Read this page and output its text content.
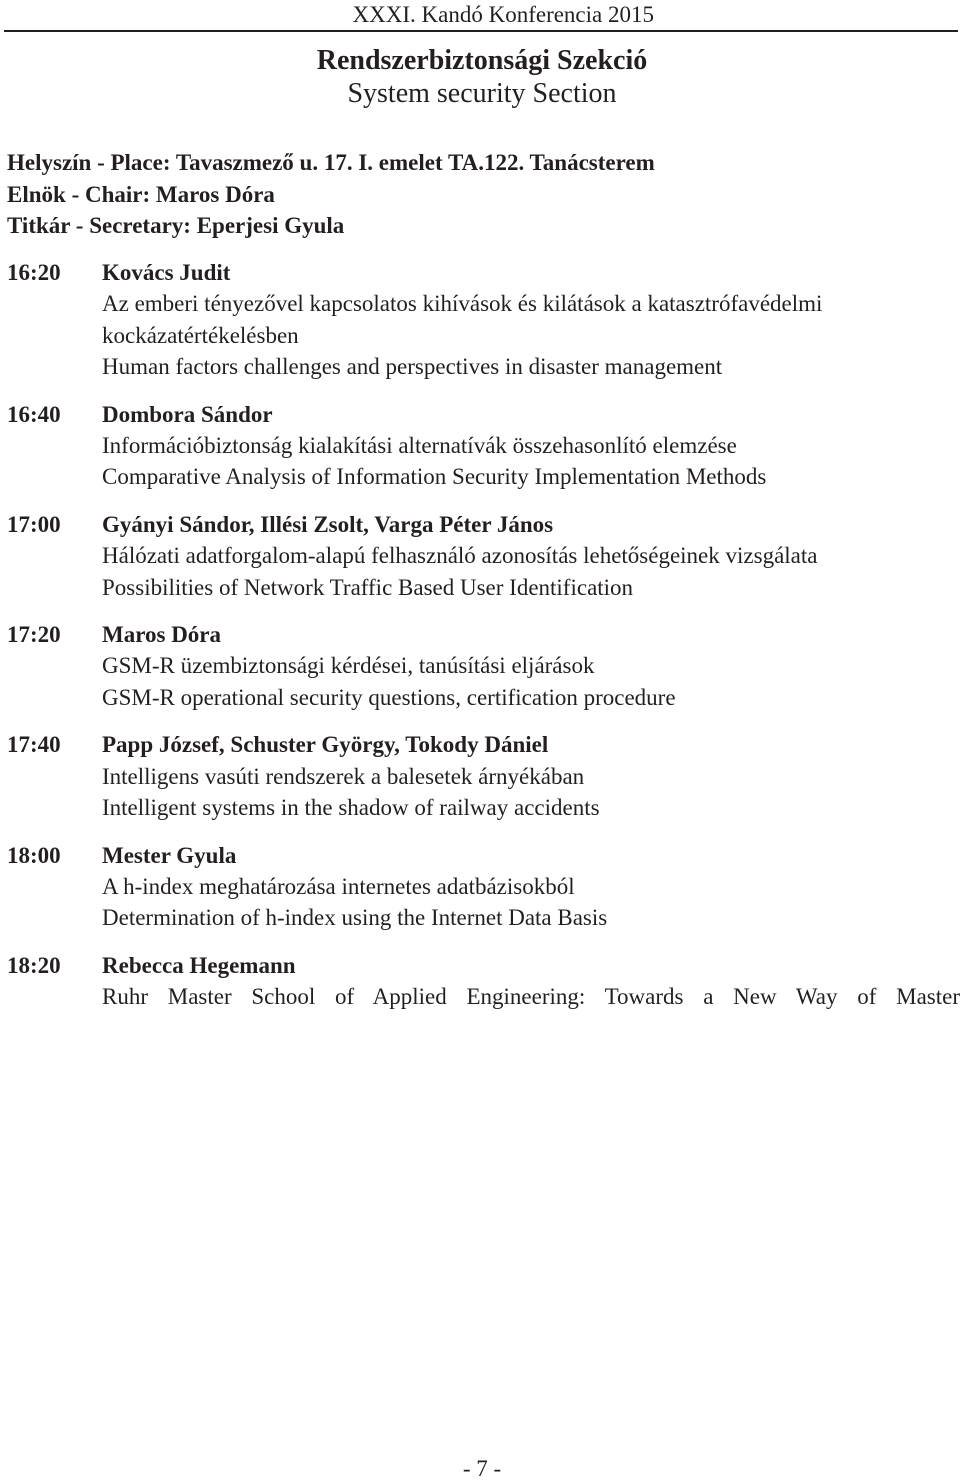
XXXI. Kandó Konferencia 2015
Rendszerbiztonsági Szekció
System security Section
Helyszín - Place: Tavaszmező u. 17. I. emelet TA.122. Tanácsterem
Elnök - Chair: Maros Dóra
Titkár - Secretary: Eperjesi Gyula
16:20	Kovács Judit
Az emberi tényezővel kapcsolatos kihívások és kilátások a katasztrófavédelmi kockázatértékelésben
Human factors challenges and perspectives in disaster management
16:40	Dombora Sándor
Információbiztonság kialakítási alternatívák összehasonlító elemzése
Comparative Analysis of Information Security Implementation Methods
17:00	Gyányi Sándor, Illési Zsolt, Varga Péter János
Hálózati adatforgalom-alapú felhasználó azonosítás lehetőségeinek vizsgálata
Possibilities of Network Traffic Based User Identification
17:20	Maros Dóra
GSM-R üzembiztonsági kérdései, tanúsítási eljárások
GSM-R operational security questions, certification procedure
17:40	Papp József, Schuster György, Tokody Dániel
Intelligens vasúti rendszerek a balesetek árnyékában
Intelligent systems in the shadow of railway accidents
18:00	Mester Gyula
A h-index meghatározása internetes adatbázisokból
Determination of h-index using the Internet Data Basis
18:20	Rebecca Hegemann
Ruhr Master School of Applied Engineering: Towards a New Way of Master
- 7 -
